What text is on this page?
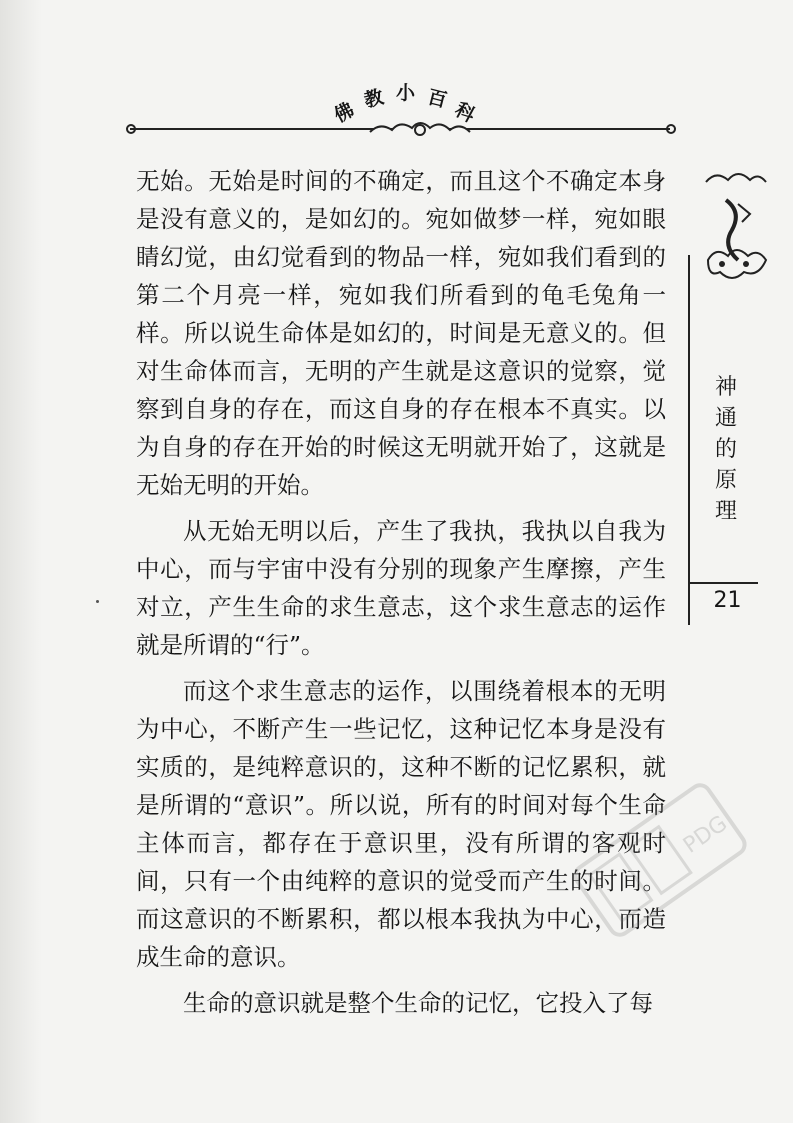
佛 教 小 百 科

无始。无始是时间的不确定，而且这个不确定本身是没有意义的，是如幻的。宛如做梦一样，宛如眼睛幻觉，由幻觉看到的物品一样，宛如我们看到的第二个月亮一样，宛如我们所看到的龟毛兔角一样。所以说生命体是如幻的，时间是无意义的。但对生命体而言，无明的产生就是这意识的觉察，觉察到自身的存在，而这自身的存在根本不真实。以为自身的存在开始的时候这无明就开始了，这就是无始无明的开始。

从无始无明以后，产生了我执，我执以自我为中心，而与宇宙中没有分别的现象产生摩擦，产生对立，产生生命的求生意志，这个求生意志的运作就是所谓的“行”。

而这个求生意志的运作，以围绕着根本的无明为中心，不断产生一些记忆，这种记忆本身是没有实质的，是纯粹意识的，这种不断的记忆累积，就是所谓的“意识”。所以说，所有的时间对每个生命主体而言，都存在于意识里，没有所谓的客观时间，只有一个由纯粹的意识的觉受而产生的时间。而这意识的不断累积，都以根本我执为中心，而造成生命的意识。

生命的意识就是整个生命的记忆，它投入了每

神
通
的
原
理
21
PDG
